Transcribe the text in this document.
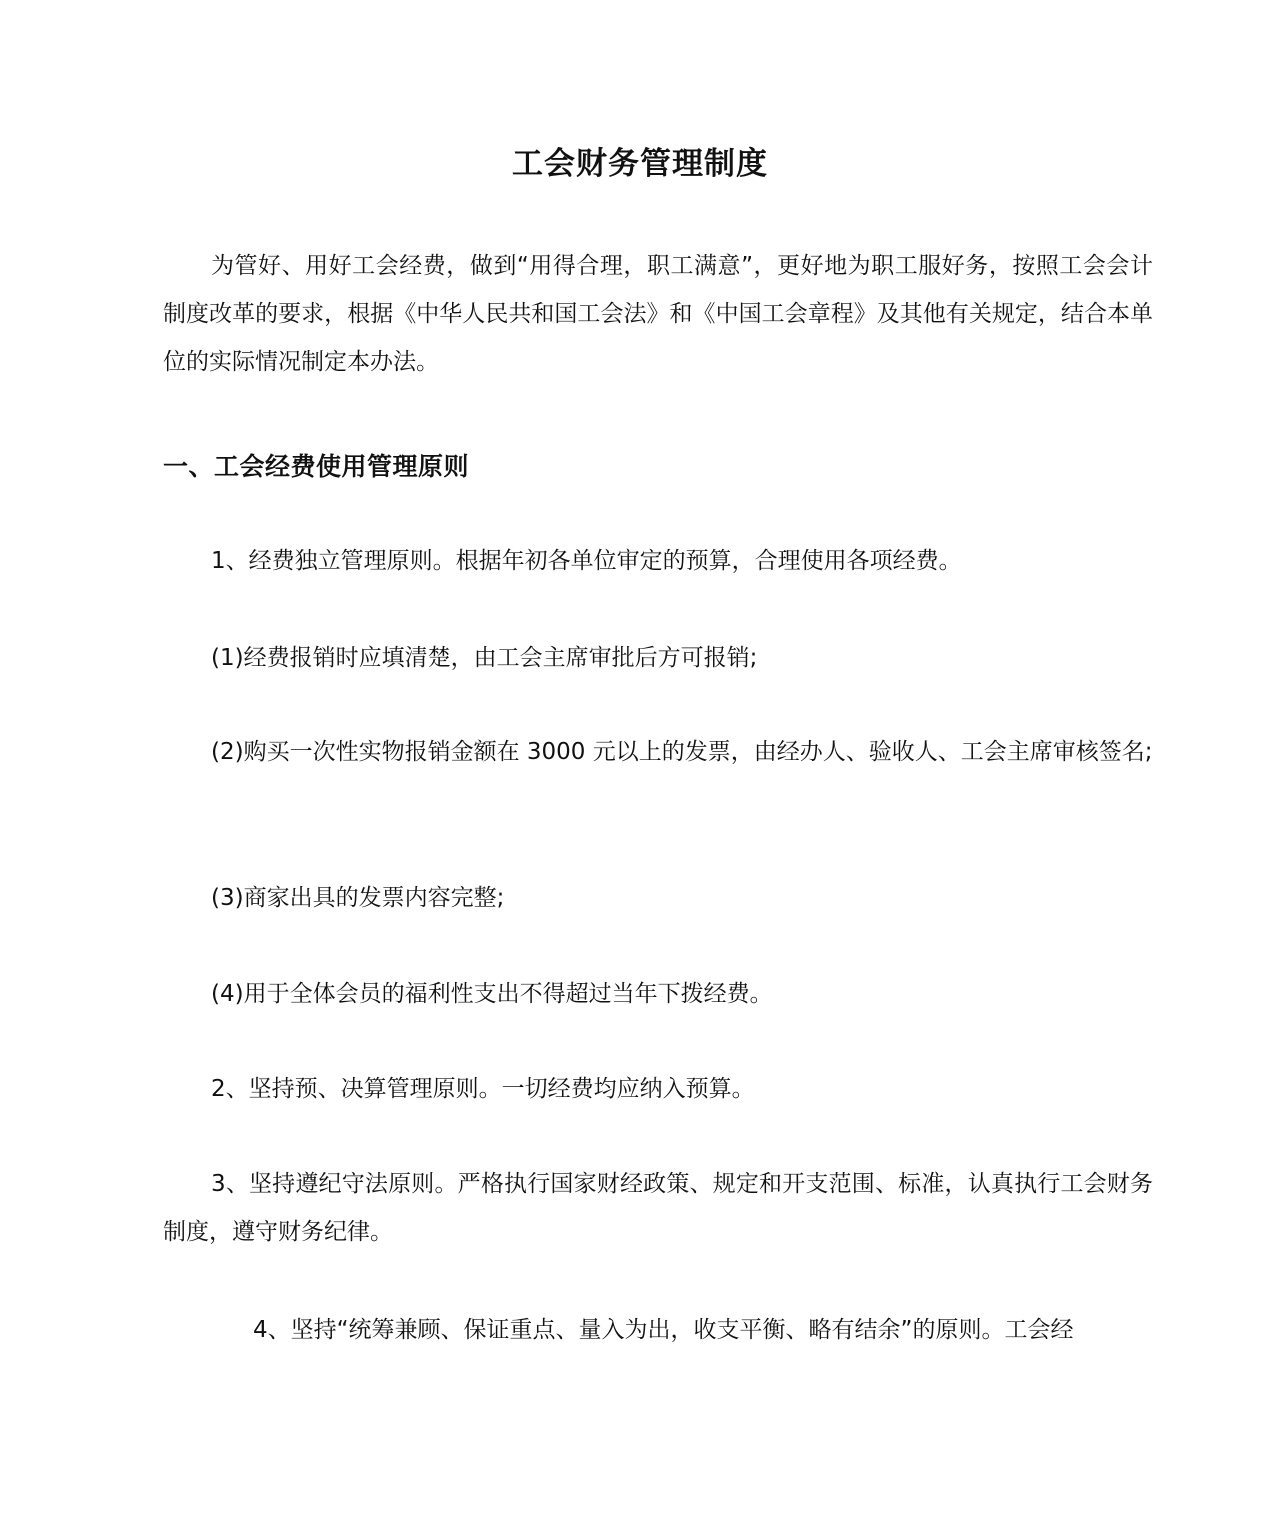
工会财务管理制度

为管好、用好工会经费，做到“用得合理，职工满意”，更好地为职工服好务，按照工会会计制度改革的要求，根据《中华人民共和国工会法》和《中国工会章程》及其他有关规定，结合本单位的实际情况制定本办法。

一、工会经费使用管理原则

1、经费独立管理原则。根据年初各单位审定的预算，合理使用各项经费。

(1)经费报销时应填清楚，由工会主席审批后方可报销;

(2)购买一次性实物报销金额在 3000 元以上的发票，由经办人、验收人、工会主席审核签名;

(3)商家出具的发票内容完整;

(4)用于全体会员的福利性支出不得超过当年下拨经费。

2、坚持预、决算管理原则。一切经费均应纳入预算。

3、坚持遵纪守法原则。严格执行国家财经政策、规定和开支范围、标准，认真执行工会财务制度，遵守财务纪律。

4、坚持“统筹兼顾、保证重点、量入为出，收支平衡、略有结余”的原则。工会经
